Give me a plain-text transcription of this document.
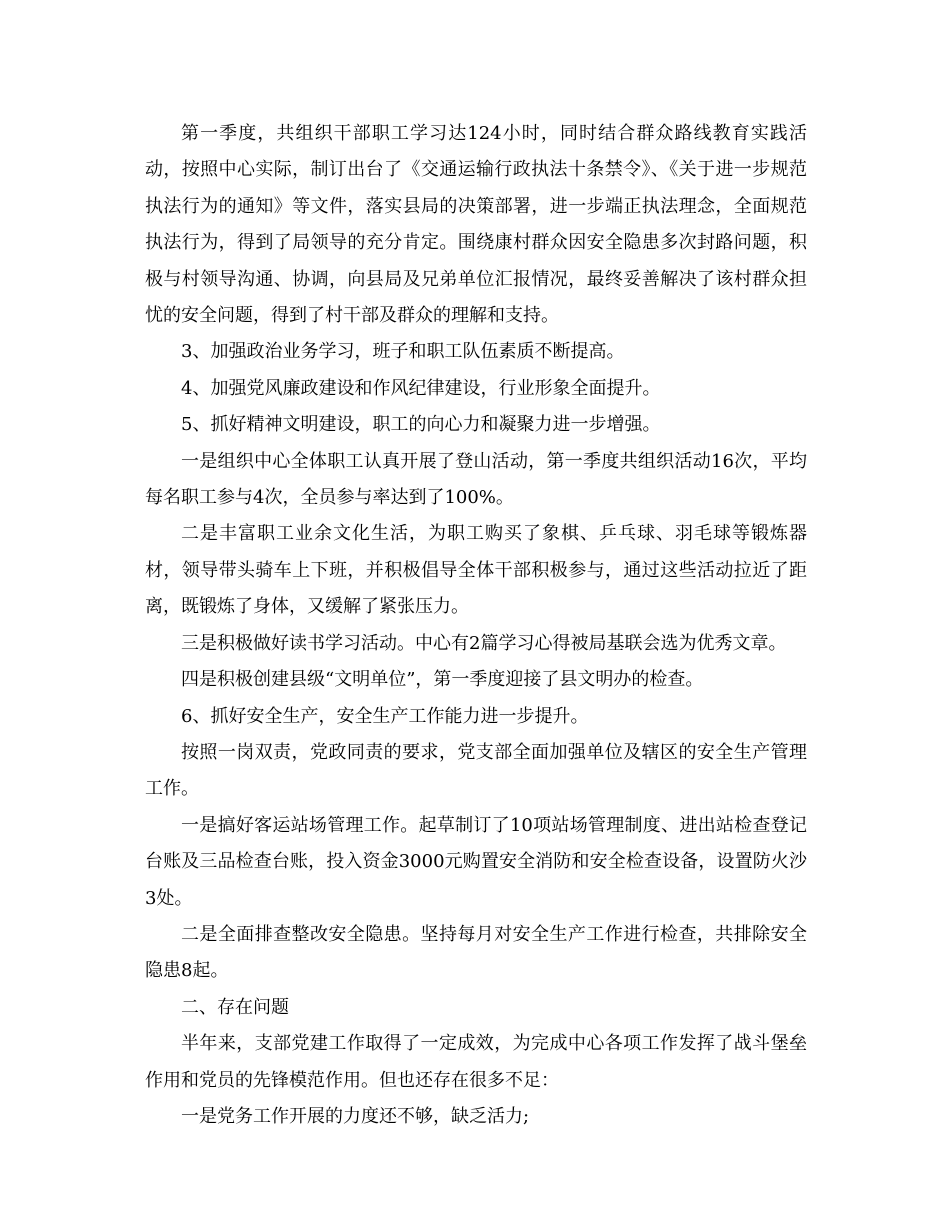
第一季度，共组织干部职工学习达124小时，同时结合群众路线教育实践活动，按照中心实际，制订出台了《交通运输行政执法十条禁令》、《关于进一步规范执法行为的通知》等文件，落实县局的决策部署，进一步端正执法理念，全面规范执法行为，得到了局领导的充分肯定。围绕康村群众因安全隐患多次封路问题，积极与村领导沟通、协调，向县局及兄弟单位汇报情况，最终妥善解决了该村群众担忧的安全问题，得到了村干部及群众的理解和支持。

3、加强政治业务学习，班子和职工队伍素质不断提高。

4、加强党风廉政建设和作风纪律建设，行业形象全面提升。

5、抓好精神文明建设，职工的向心力和凝聚力进一步增强。

一是组织中心全体职工认真开展了登山活动，第一季度共组织活动16次，平均每名职工参与4次，全员参与率达到了100%。

二是丰富职工业余文化生活，为职工购买了象棋、乒乓球、羽毛球等锻炼器材，领导带头骑车上下班，并积极倡导全体干部积极参与，通过这些活动拉近了距离，既锻炼了身体，又缓解了紧张压力。

三是积极做好读书学习活动。中心有2篇学习心得被局基联会选为优秀文章。

四是积极创建县级“文明单位”，第一季度迎接了县文明办的检查。

6、抓好安全生产，安全生产工作能力进一步提升。

按照一岗双责，党政同责的要求，党支部全面加强单位及辖区的安全生产管理工作。

一是搞好客运站场管理工作。起草制订了10项站场管理制度、进出站检查登记台账及三品检查台账，投入资金3000元购置安全消防和安全检查设备，设置防火沙3处。

二是全面排查整改安全隐患。坚持每月对安全生产工作进行检查，共排除安全隐患8起。

二、存在问题

半年来，支部党建工作取得了一定成效，为完成中心各项工作发挥了战斗堡垒作用和党员的先锋模范作用。但也还存在很多不足：

一是党务工作开展的力度还不够，缺乏活力;
